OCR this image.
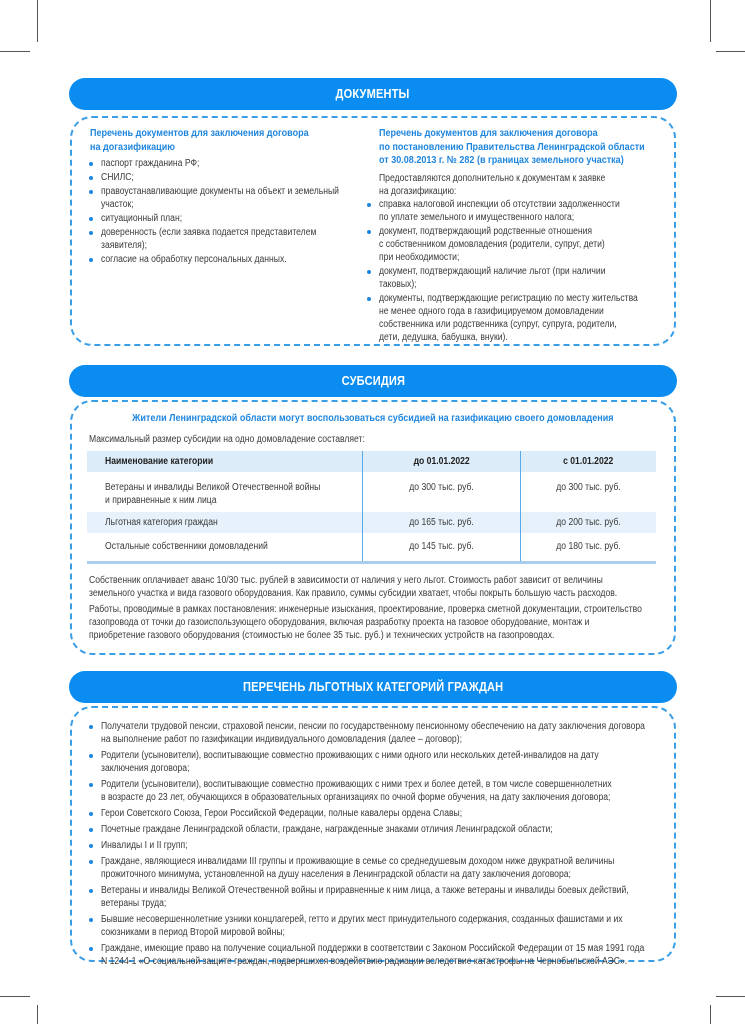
ДОКУМЕНТЫ
Перечень документов для заключения договора
на догазификацию
паспорт гражданина РФ;
СНИЛС;
правоустанавливающие документы на объект и земельный
участок;
ситуационный план;
доверенность (если заявка подается представителем
заявителя);
согласие на обработку персональных данных.
Перечень документов для заключения договора
по постановлению Правительства Ленинградской области
от 30.08.2013 г. № 282 (в границах земельного участка)
Предоставляются дополнительно к документам к заявке
на догазификацию:
справка налоговой инспекции об отсутствии задолженности
по уплате земельного и имущественного налога;
документ, подтверждающий родственные отношения
с собственником домовладения (родители, супруг, дети)
при необходимости;
документ, подтверждающий наличие льгот (при наличии
таковых);
документы, подтверждающие регистрацию по месту жительства
не менее одного года в газифицируемом домовладении
собственника или родственника (супруг, супруга, родители,
дети, дедушка, бабушка, внуки).
СУБСИДИЯ
Жители Ленинградской области могут воспользоваться субсидией на газификацию своего домовладения
Максимальный размер субсидии на одно домовладение составляет:
Наименование категории	до 01.01.2022	с 01.01.2022
Ветераны и инвалиды Великой Отечественной войны
и приравненные к ним лица	до 300 тыс. руб.	до 300 тыс. руб.
Льготная категория граждан	до 165 тыс. руб.	до 200 тыс. руб.
Остальные собственники домовладений	до 145 тыс. руб.	до 180 тыс. руб.
Собственник оплачивает аванс 10/30 тыс. рублей в зависимости от наличия у него льгот. Стоимость работ зависит от величины
земельного участка и вида газового оборудования. Как правило, суммы субсидии хватает, чтобы покрыть большую часть расходов.
Работы, проводимые в рамках постановления: инженерные изыскания, проектирование, проверка сметной документации, строительство
газопровода от точки до газоиспользующего оборудования, включая разработку проекта на газовое оборудование, монтаж и
приобретение газового оборудования (стоимостью не более 35 тыс. руб.) и технических устройств на газопроводах.
ПЕРЕЧЕНЬ ЛЬГОТНЫХ КАТЕГОРИЙ ГРАЖДАН
Получатели трудовой пенсии, страховой пенсии, пенсии по государственному пенсионному обеспечению на дату заключения договора
на выполнение работ по газификации индивидуального домовладения (далее – договор);
Родители (усыновители), воспитывающие совместно проживающих с ними одного или нескольких детей-инвалидов на дату
заключения договора;
Родители (усыновители), воспитывающие совместно проживающих с ними трех и более детей, в том числе совершеннолетних
в возрасте до 23 лет, обучающихся в образовательных организациях по очной форме обучения, на дату заключения договора;
Герои Советского Союза, Герои Российской Федерации, полные кавалеры ордена Славы;
Почетные граждане Ленинградской области, граждане, награжденные знаками отличия Ленинградской области;
Инвалиды I и II групп;
Граждане, являющиеся инвалидами III группы и проживающие в семье со среднедушевым доходом ниже двукратной величины
прожиточного минимума, установленной на душу населения в Ленинградской области на дату заключения договора;
Ветераны и инвалиды Великой Отечественной войны и приравненные к ним лица, а также ветераны и инвалиды боевых действий,
ветераны труда;
Бывшие несовершеннолетние узники концлагерей, гетто и других мест принудительного содержания, созданных фашистами и их
союзниками в период Второй мировой войны;
Граждане, имеющие право на получение социальной поддержки в соответствии с Законом Российской Федерации от 15 мая 1991 года
N 1244-1 «О социальной защите граждан, подвергшихся воздействию радиации вследствие катастрофы на Чернобыльской АЭС».
